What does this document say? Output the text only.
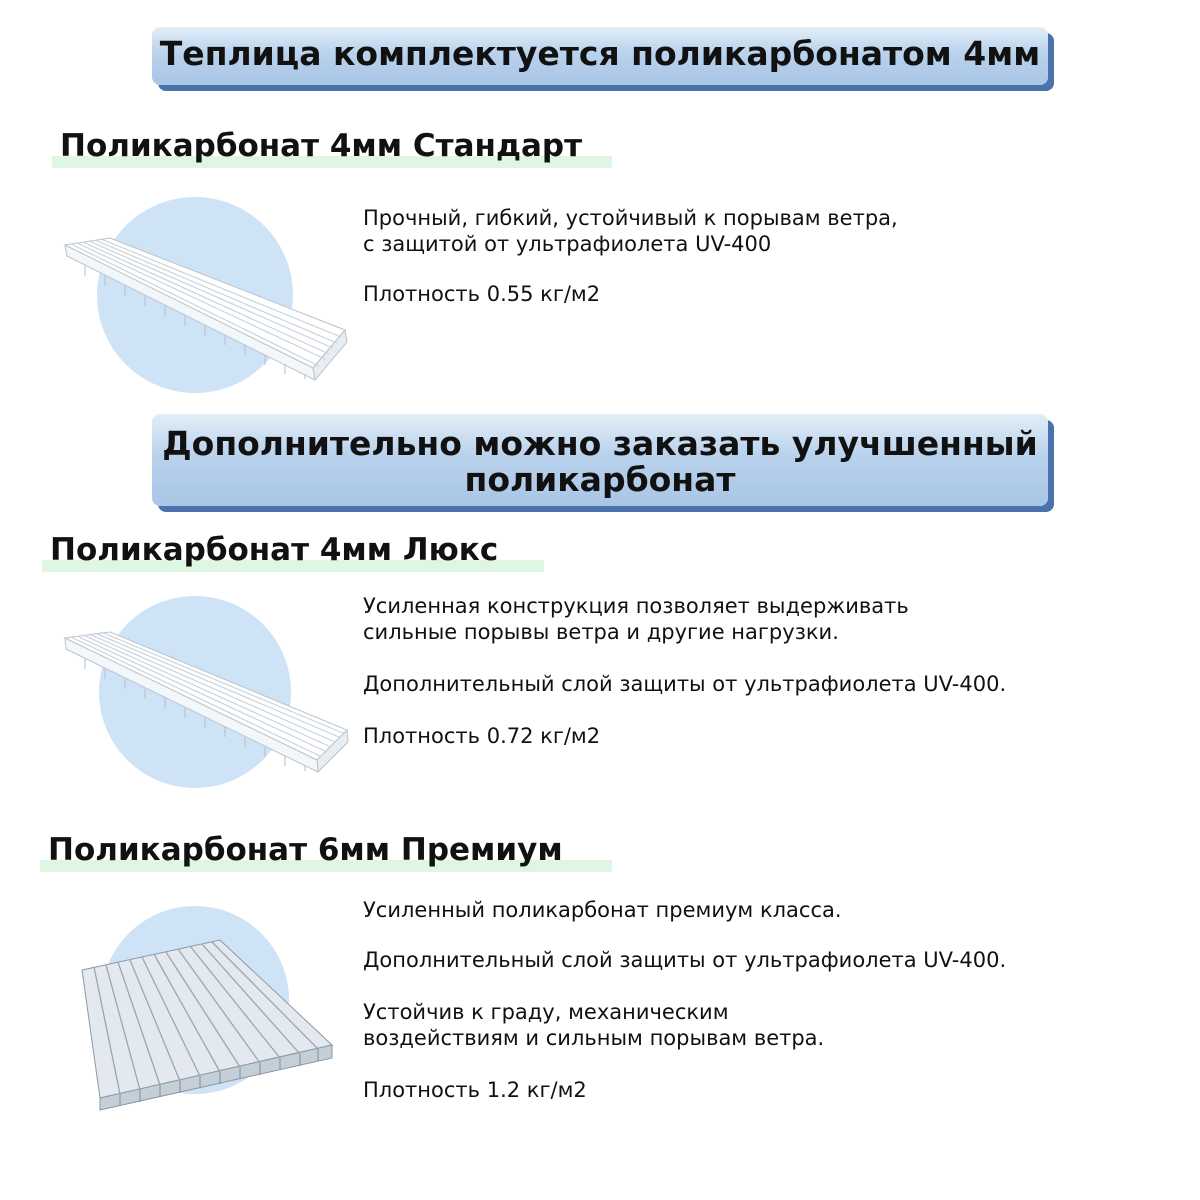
Теплица комплектуется поликарбонатом 4мм
Поликарбонат 4мм Стандарт

Прочный, гибкий, устойчивый к порывам ветра,

с защитой от ультрафиолета UV-400

Плотность 0.55 кг/м2

Дополнительно можно заказать улучшенный
поликарбонат
Поликарбонат 4мм Люкс

Усиленная конструкция позволяет выдерживать

сильные порывы ветра и другие нагрузки.

Дополнительный слой защиты от ультрафиолета UV-400.

Плотность 0.72 кг/м2

Поликарбонат 6мм Премиум

Усиленный поликарбонат премиум класса.

Дополнительный слой защиты от ультрафиолета UV-400.

Устойчив к граду, механическим

воздействиям и сильным порывам ветра.

Плотность 1.2 кг/м2
